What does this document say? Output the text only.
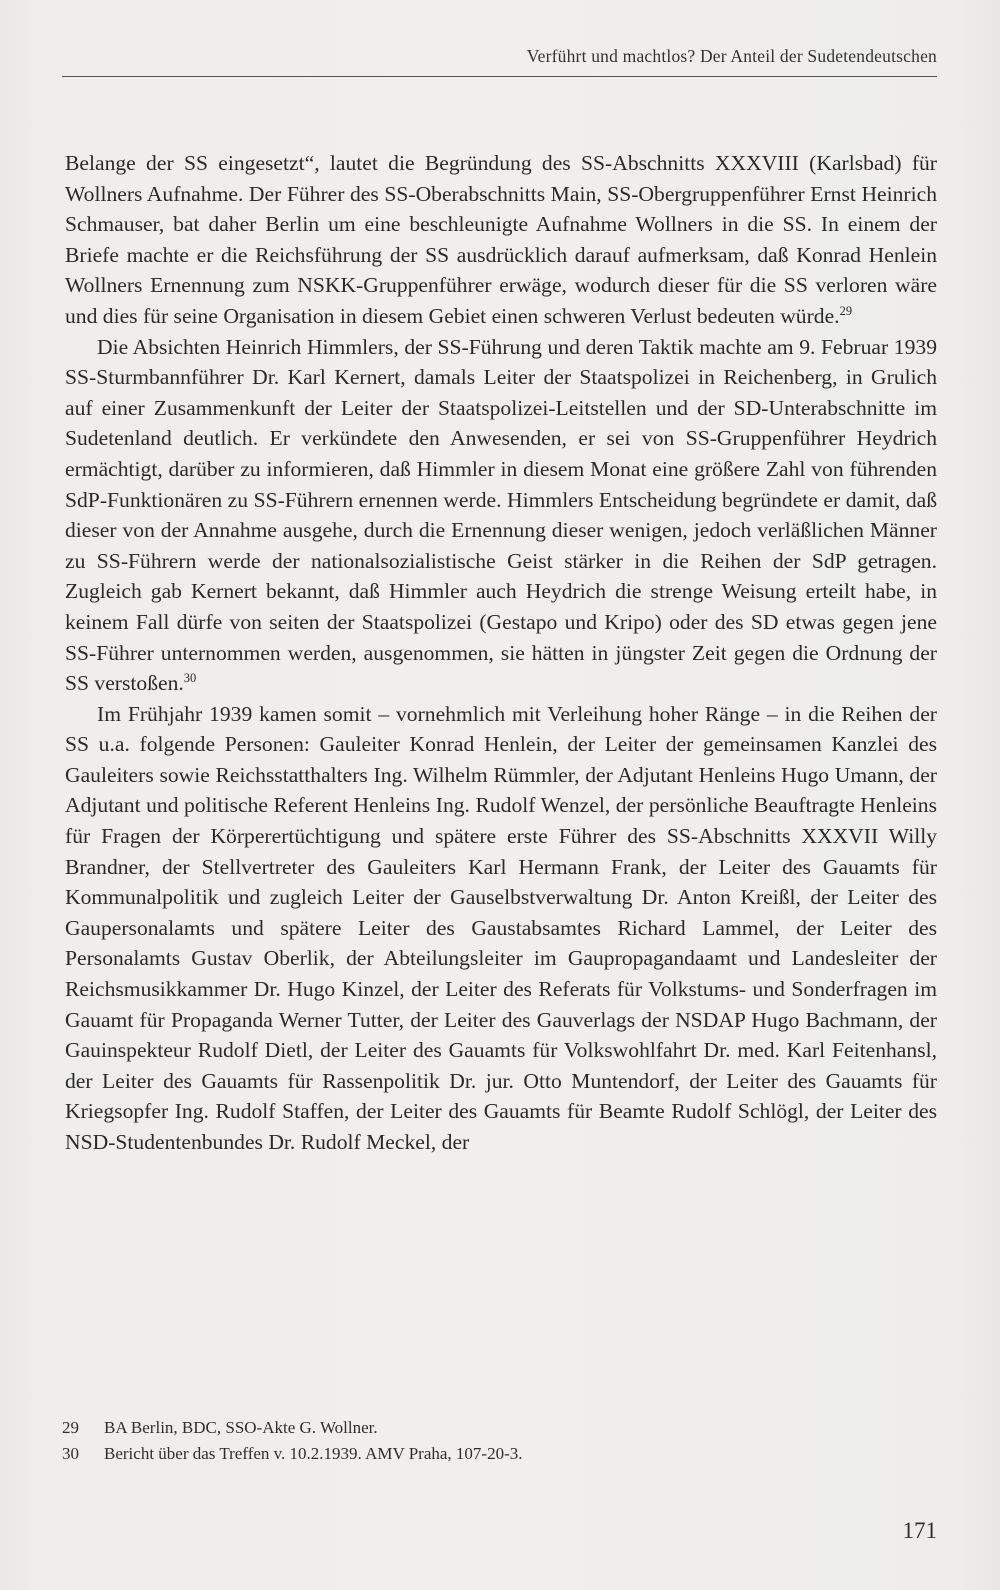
Verführt und machtlos? Der Anteil der Sudetendeutschen

Belange der SS eingesetzt“, lautet die Begründung des SS-Abschnitts XXXVIII (Karlsbad) für Wollners Aufnahme. Der Führer des SS-Oberabschnitts Main, SS-Obergruppenführer Ernst Heinrich Schmauser, bat daher Berlin um eine beschleunigte Aufnahme Wollners in die SS. In einem der Briefe machte er die Reichsführung der SS ausdrücklich darauf aufmerksam, daß Konrad Henlein Wollners Ernennung zum NSKK-Gruppenführer erwäge, wodurch dieser für die SS verloren wäre und dies für seine Organisation in diesem Gebiet einen schweren Verlust bedeuten würde.$^{29}$

Die Absichten Heinrich Himmlers, der SS-Führung und deren Taktik machte am 9. Februar 1939 SS-Sturmbannführer Dr. Karl Kernert, damals Leiter der Staatspolizei in Reichenberg, in Grulich auf einer Zusammenkunft der Leiter der Staatspolizei-Leitstellen und der SD-Unterabschnitte im Sudetenland deutlich. Er verkündete den Anwesenden, er sei von SS-Gruppenführer Heydrich ermächtigt, darüber zu informieren, daß Himmler in diesem Monat eine größere Zahl von führenden SdP-Funktionären zu SS-Führern ernennen werde. Himmlers Entscheidung begründete er damit, daß dieser von der Annahme ausgehe, durch die Ernennung dieser wenigen, jedoch verläßlichen Männer zu SS-Führern werde der nationalsozialistische Geist stärker in die Reihen der SdP getragen. Zugleich gab Kernert bekannt, daß Himmler auch Heydrich die strenge Weisung erteilt habe, in keinem Fall dürfe von seiten der Staatspolizei (Gestapo und Kripo) oder des SD etwas gegen jene SS-Führer unternommen werden, ausgenommen, sie hätten in jüngster Zeit gegen die Ordnung der SS verstoßen.$^{30}$

Im Frühjahr 1939 kamen somit – vornehmlich mit Verleihung hoher Ränge – in die Reihen der SS u.a. folgende Personen: Gauleiter Konrad Henlein, der Leiter der gemeinsamen Kanzlei des Gauleiters sowie Reichsstatthalters Ing. Wilhelm Rümmler, der Adjutant Henleins Hugo Umann, der Adjutant und politische Referent Henleins Ing. Rudolf Wenzel, der persönliche Beauftragte Henleins für Fragen der Körperertüchtigung und spätere erste Führer des SS-Abschnitts XXXVII Willy Brandner, der Stellvertreter des Gauleiters Karl Hermann Frank, der Leiter des Gauamts für Kommunalpolitik und zugleich Leiter der Gauselbstverwaltung Dr. Anton Kreißl, der Leiter des Gaupersonalamts und spätere Leiter des Gaustabsamtes Richard Lammel, der Leiter des Personalamts Gustav Oberlik, der Abteilungsleiter im Gaupropagandaamt und Landesleiter der Reichsmusikkammer Dr. Hugo Kinzel, der Leiter des Referats für Volkstums- und Sonderfragen im Gauamt für Propaganda Werner Tutter, der Leiter des Gauverlags der NSDAP Hugo Bachmann, der Gauinspekteur Rudolf Dietl, der Leiter des Gauamts für Volkswohlfahrt Dr. med. Karl Feitenhansl, der Leiter des Gauamts für Rassenpolitik Dr. jur. Otto Muntendorf, der Leiter des Gauamts für Kriegsopfer Ing. Rudolf Staffen, der Leiter des Gauamts für Beamte Rudolf Schlögl, der Leiter des NSD-Studentenbundes Dr. Rudolf Meckel, der

29	BA Berlin, BDC, SSO-Akte G. Wollner.
30	Bericht über das Treffen v. 10.2.1939. AMV Praha, 107-20-3.
171
